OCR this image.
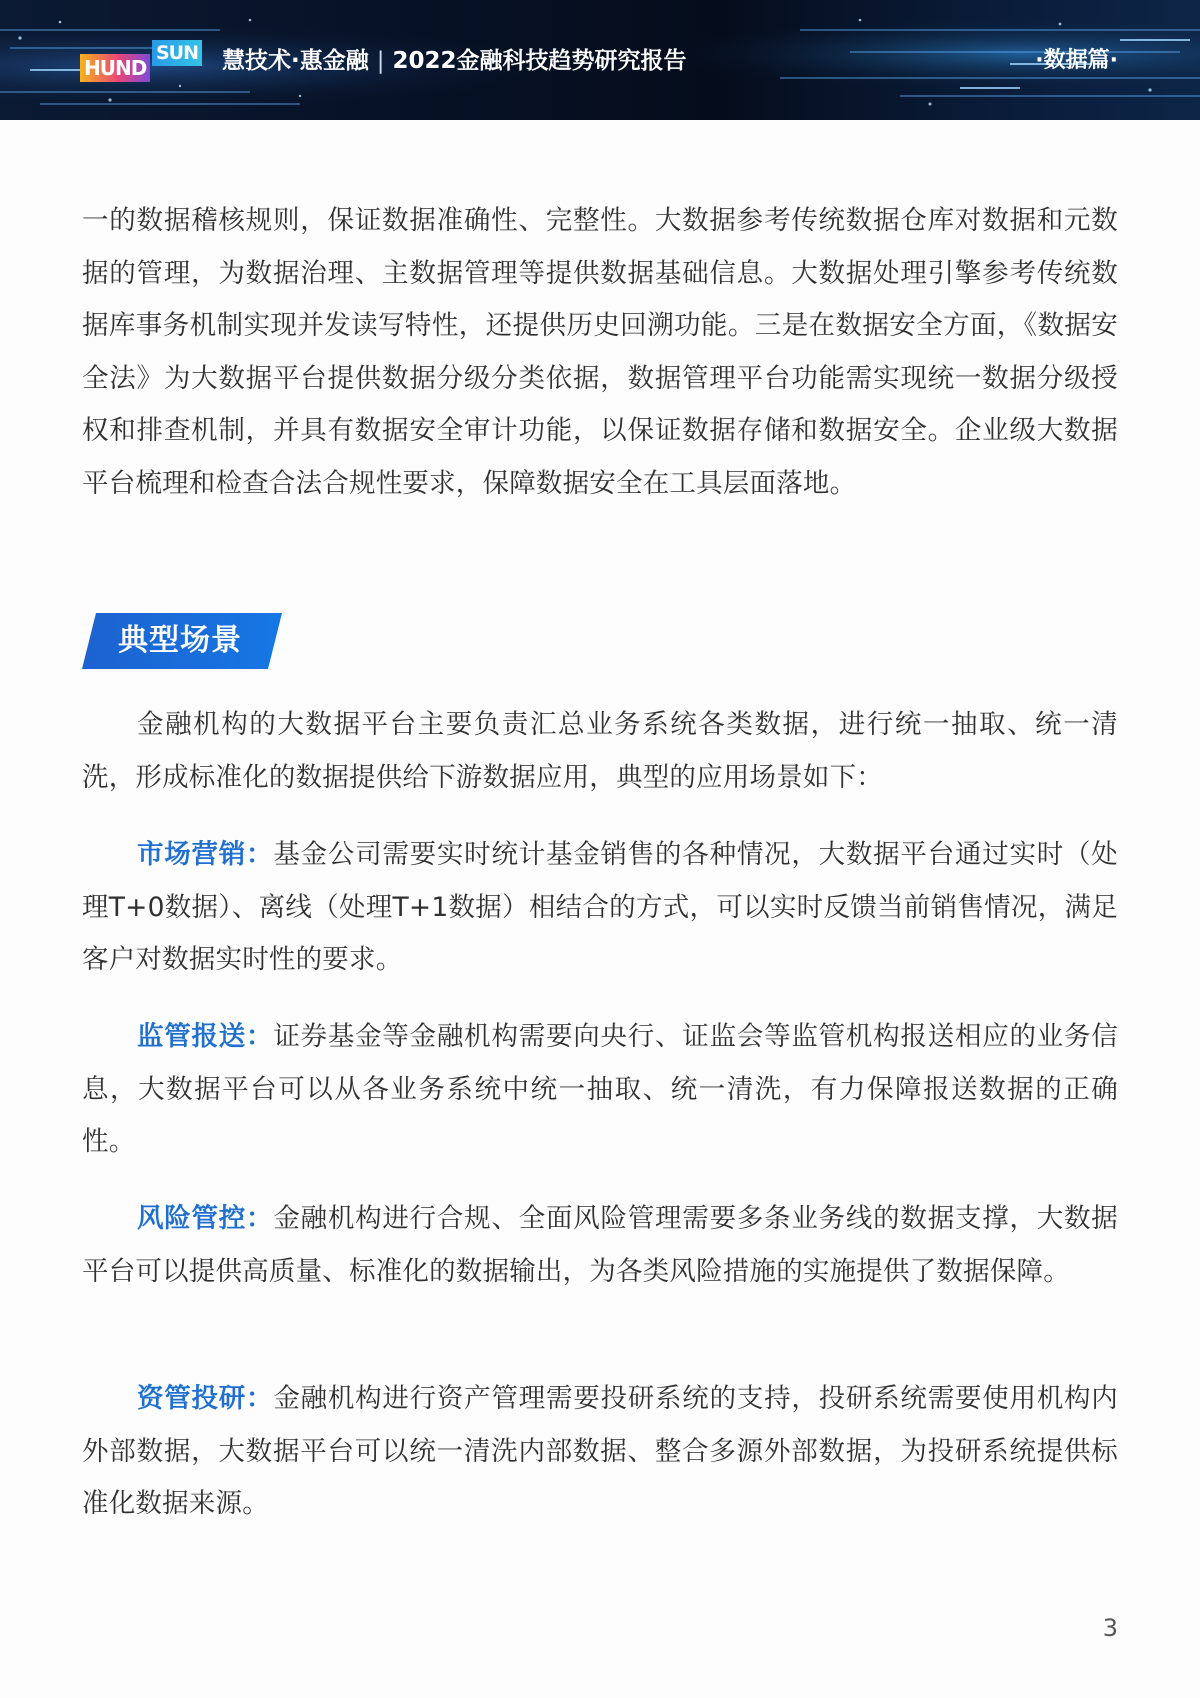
HUND
SUN 慧技术·惠金融 | 2022金融科技趋势研究报告	·数据篇·

一的数据稽核规则，保证数据准确性、完整性。大数据参考传统数据仓库对数据和元数据的管理，为数据治理、主数据管理等提供数据基础信息。大数据处理引擎参考传统数据库事务机制实现并发读写特性，还提供历史回溯功能。三是在数据安全方面，《数据安全法》为大数据平台提供数据分级分类依据，数据管理平台功能需实现统一数据分级授权和排查机制，并具有数据安全审计功能，以保证数据存储和数据安全。企业级大数据平台梳理和检查合法合规性要求，保障数据安全在工具层面落地。

典型场景

金融机构的大数据平台主要负责汇总业务系统各类数据，进行统一抽取、统一清洗，形成标准化的数据提供给下游数据应用，典型的应用场景如下：

市场营销：基金公司需要实时统计基金销售的各种情况，大数据平台通过实时（处理T+0数据）、离线（处理T+1数据）相结合的方式，可以实时反馈当前销售情况，满足客户对数据实时性的要求。

监管报送：证券基金等金融机构需要向央行、证监会等监管机构报送相应的业务信息，大数据平台可以从各业务系统中统一抽取、统一清洗，有力保障报送数据的正确性。

风险管控：金融机构进行合规、全面风险管理需要多条业务线的数据支撑，大数据平台可以提供高质量、标准化的数据输出，为各类风险措施的实施提供了数据保障。

资管投研：金融机构进行资产管理需要投研系统的支持，投研系统需要使用机构内外部数据，大数据平台可以统一清洗内部数据、整合多源外部数据，为投研系统提供标准化数据来源。

3
